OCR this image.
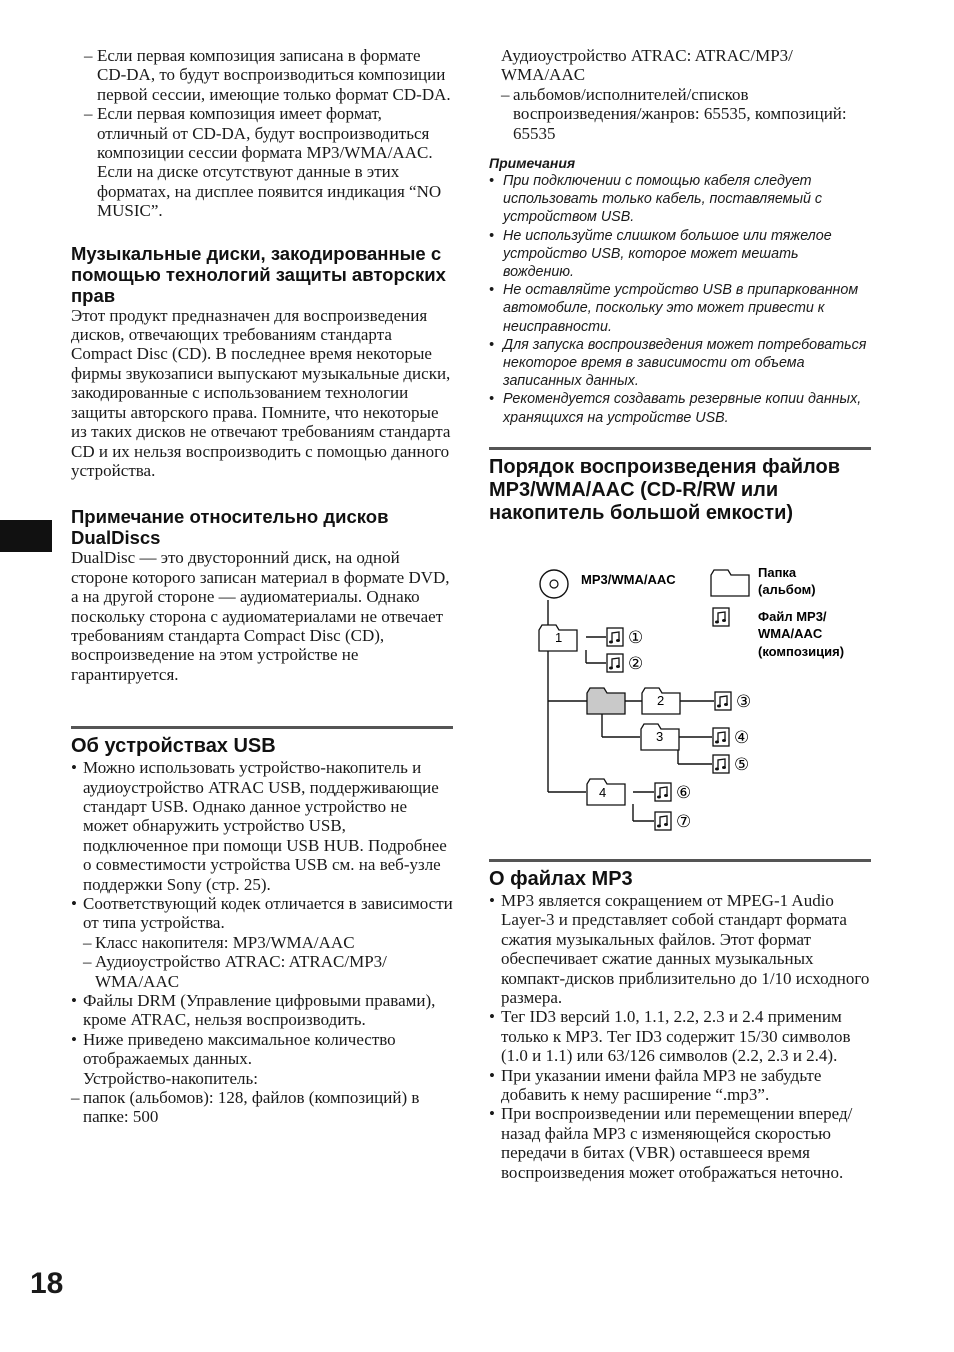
18
– Если первая композиция записана в формате CD-DA, то будут воспроизводиться композиции первой сессии, имеющие только формат CD-DA.
– Если первая композиция имеет формат, отличный от CD-DA, будут воспроизводиться композиции сессии формата MP3/WMA/AAC. Если на диске отсутствуют данные в этих форматах, на дисплее появится индикация “NO MUSIC”.
Музыкальные диски, закодированные с помощью технологий защиты авторских прав
Этот продукт предназначен для воспроизведения дисков, отвечающих требованиям стандарта Compact Disc (CD). В последнее время некоторые фирмы звукозаписи выпускают музыкальные диски, закодированные с использованием технологии защиты авторского права. Помните, что некоторые из таких дисков не отвечают требованиям стандарта CD и их нельзя воспроизводить с помощью данного устройства.
Примечание относительно дисков DualDiscs
DualDisc — это двусторонний диск, на одной стороне которого записан материал в формате DVD, а на другой стороне — аудиоматериалы. Однако поскольку сторона с аудиоматериалами не отвечает требованиям стандарта Compact Disc (CD), воспроизведение на этом устройстве не гарантируется.
Об устройствах USB
• Можно использовать устройство-накопитель и аудиоустройство ATRAC USB, поддерживающие стандарт USB. Однако данное устройство не может обнаружить устройство USB, подключенное при помощи USB HUB. Подробнее о совместимости устройства USB см. на веб-узле поддержки Sony (стр. 25).
• Соответствующий кодек отличается в зависимости от типа устройства.
– Класс накопителя: MP3/WMA/AAC
– Аудиоустройство ATRAC: ATRAC/MP3/ WMA/AAC
• Файлы DRM (Управление цифровыми правами), кроме ATRAC, нельзя воспроизводить.
• Ниже приведено максимальное количество отображаемых данных.
Устройство-накопитель:
– папок (альбомов): 128, файлов (композиций) в папке: 500
Аудиоустройство ATRAC: ATRAC/MP3/ WMA/AAC
– альбомов/исполнителей/списков воспроизведения/жанров: 65535, композиций: 65535
Примечания
• При подключении с помощью кабеля следует использовать только кабель, поставляемый с устройством USB.
• Не используйте слишком большое или тяжелое устройство USB, которое может мешать вождению.
• Не оставляйте устройство USB в припаркованном автомобиле, поскольку это может привести к неисправности.
• Для запуска воспроизведения может потребоваться некоторое время в зависимости от объема записанных данных.
• Рекомендуется создавать резервные копии данных, хранящихся на устройстве USB.
Порядок воспроизведения файлов MP3/WMA/AAC (CD-R/RW или накопитель большой емкости)
О файлах MP3
• MP3 является сокращением от MPEG-1 Audio Layer-3 и представляет собой стандарт формата сжатия музыкальных файлов. Этот формат обеспечивает сжатие данных музыкальных компакт-дисков приблизительно до 1/10 исходного размера.
• Тег ID3 версий 1.0, 1.1, 2.2, 2.3 и 2.4 применим только к MP3. Тег ID3 содержит 15/30 символов (1.0 и 1.1) или 63/126 символов (2.2, 2.3 и 2.4).
• При указании имени файла MP3 не забудьте добавить к нему расширение “.mp3”.
• При воспроизведении или перемещении вперед/назад файла MP3 с изменяющейся скоростью передачи в битах (VBR) оставшееся время воспроизведения может отображаться неточно.
MP3/WMA/AAC	Папка
(альбом)
Файл MP3/
WMA/AAC
(композиция)
1	①
②
2	③
3	④
⑤
4	⑥
⑦
